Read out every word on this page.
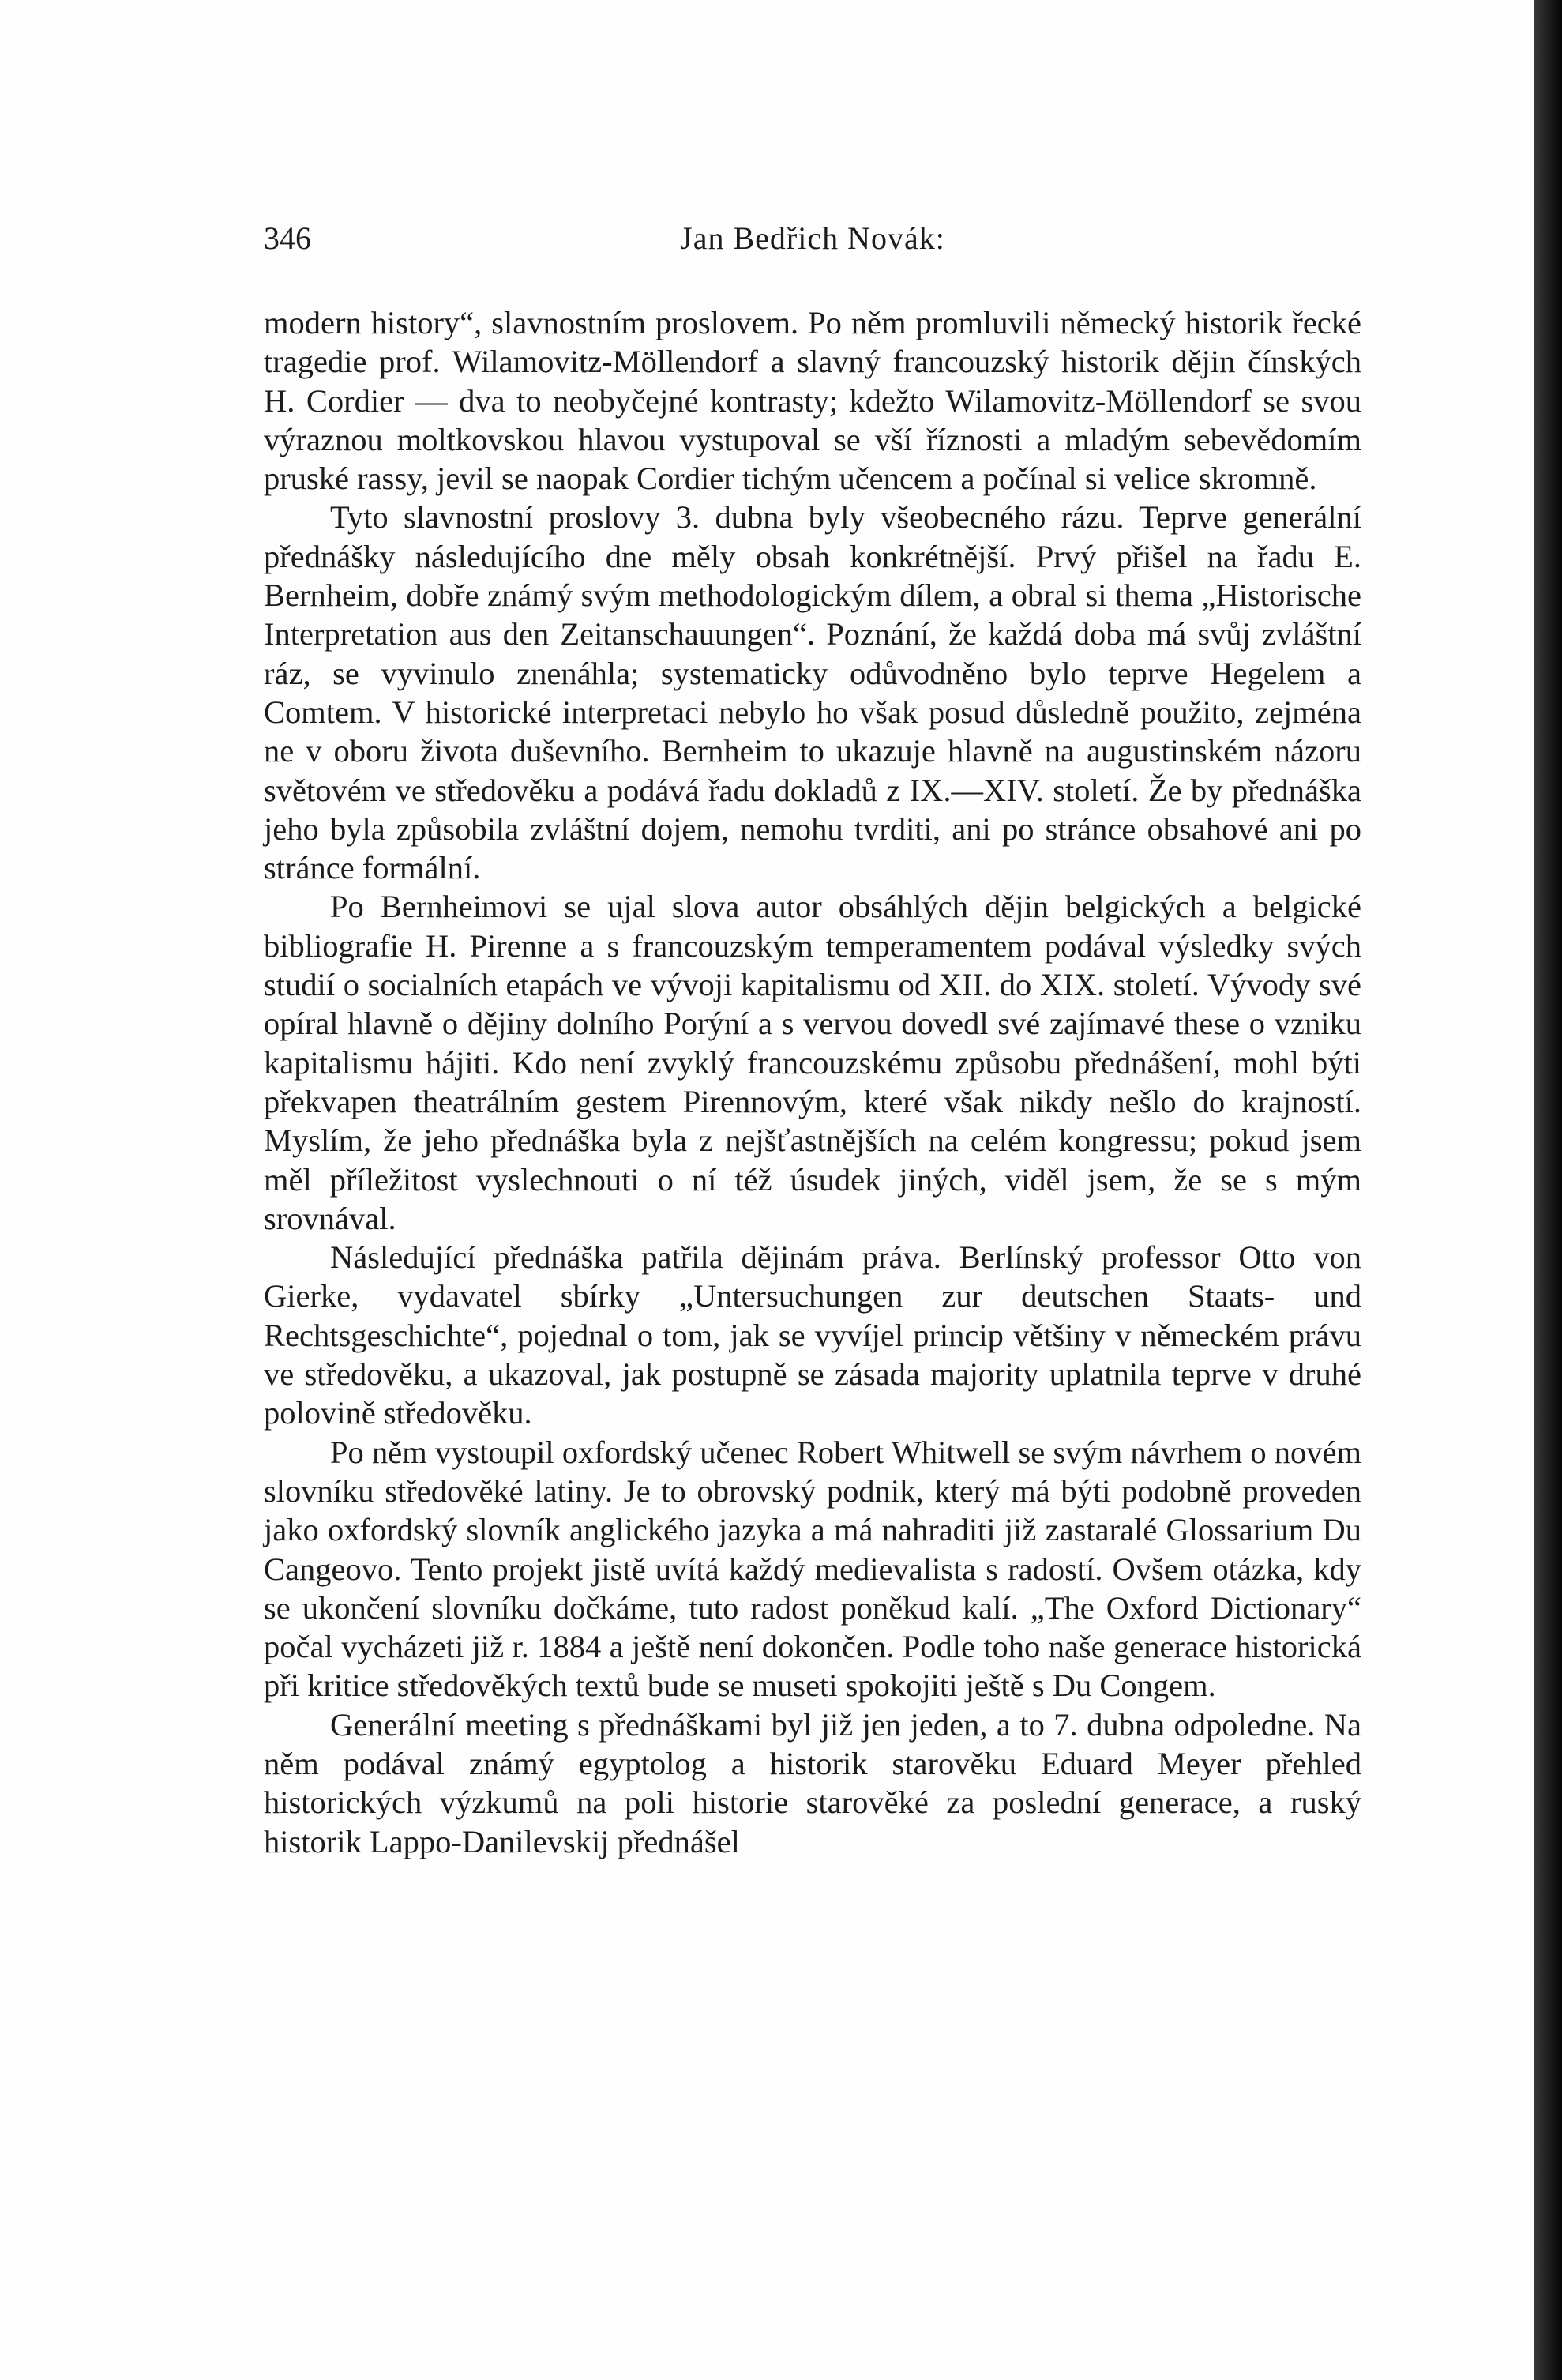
346	Jan Bedřich Novák:

modern history“, slavnostním proslovem. Po něm promluvili německý historik řecké tragedie prof. Wilamovitz-Möllendorf a slavný francouzský historik dějin čínských H. Cordier — dva to neobyčejné kontrasty; kdežto Wilamovitz-Möllendorf se svou výraznou moltkovskou hlavou vystupoval se vší říznosti a mladým sebevědomím pruské rassy, jevil se naopak Cordier tichým učencem a počínal si velice skromně.

Tyto slavnostní proslovy 3. dubna byly všeobecného rázu. Teprve generální přednášky následujícího dne měly obsah konkrétnější. Prvý přišel na řadu E. Bernheim, dobře známý svým methodologickým dílem, a obral si thema „Historische Interpretation aus den Zeitanschauungen“. Poznání, že každá doba má svůj zvláštní ráz, se vyvinulo znenáhla; systematicky odůvodněno bylo teprve Hegelem a Comtem. V historické interpretaci nebylo ho však posud důsledně použito, zejména ne v oboru života duševního. Bernheim to ukazuje hlavně na augustinském názoru světovém ve středověku a podává řadu dokladů z IX.—XIV. století. Že by přednáška jeho byla způsobila zvláštní dojem, nemohu tvrditi, ani po stránce obsahové ani po stránce formální.

Po Bernheimovi se ujal slova autor obsáhlých dějin belgických a belgické bibliografie H. Pirenne a s francouzským temperamentem podával výsledky svých studií o socialních etapách ve vývoji kapitalismu od XII. do XIX. století. Vývody své opíral hlavně o dějiny dolního Porýní a s vervou dovedl své zajímavé these o vzniku kapitalismu hájiti. Kdo není zvyklý francouzskému způsobu přednášení, mohl býti překvapen theatrálním gestem Pirennovým, které však nikdy nešlo do krajností. Myslím, že jeho přednáška byla z nejšťastnějších na celém kongressu; pokud jsem měl příležitost vyslechnouti o ní též úsudek jiných, viděl jsem, že se s mým srovnával.

Následující přednáška patřila dějinám práva. Berlínský professor Otto von Gierke, vydavatel sbírky „Untersuchungen zur deutschen Staats- und Rechtsgeschichte“, pojednal o tom, jak se vyvíjel princip většiny v německém právu ve středověku, a ukazoval, jak postupně se zásada majority uplatnila teprve v druhé polovině středověku.

Po něm vystoupil oxfordský učenec Robert Whitwell se svým návrhem o novém slovníku středověké latiny. Je to obrovský podnik, který má býti podobně proveden jako oxfordský slovník anglického jazyka a má nahraditi již zastaralé Glossarium Du Cangeovo. Tento projekt jistě uvítá každý medievalista s radostí. Ovšem otázka, kdy se ukončení slovníku dočkáme, tuto radost poněkud kalí. „The Oxford Dictionary“ počal vycházeti již r. 1884 a ještě není dokončen. Podle toho naše generace historická při kritice středověkých textů bude se museti spokojiti ještě s Du Congem.

Generální meeting s přednáškami byl již jen jeden, a to 7. dubna odpoledne. Na něm podával známý egyptolog a historik starověku Eduard Meyer přehled historických výzkumů na poli historie starověké za poslední generace, a ruský historik Lappo-Danilevskij přednášel
